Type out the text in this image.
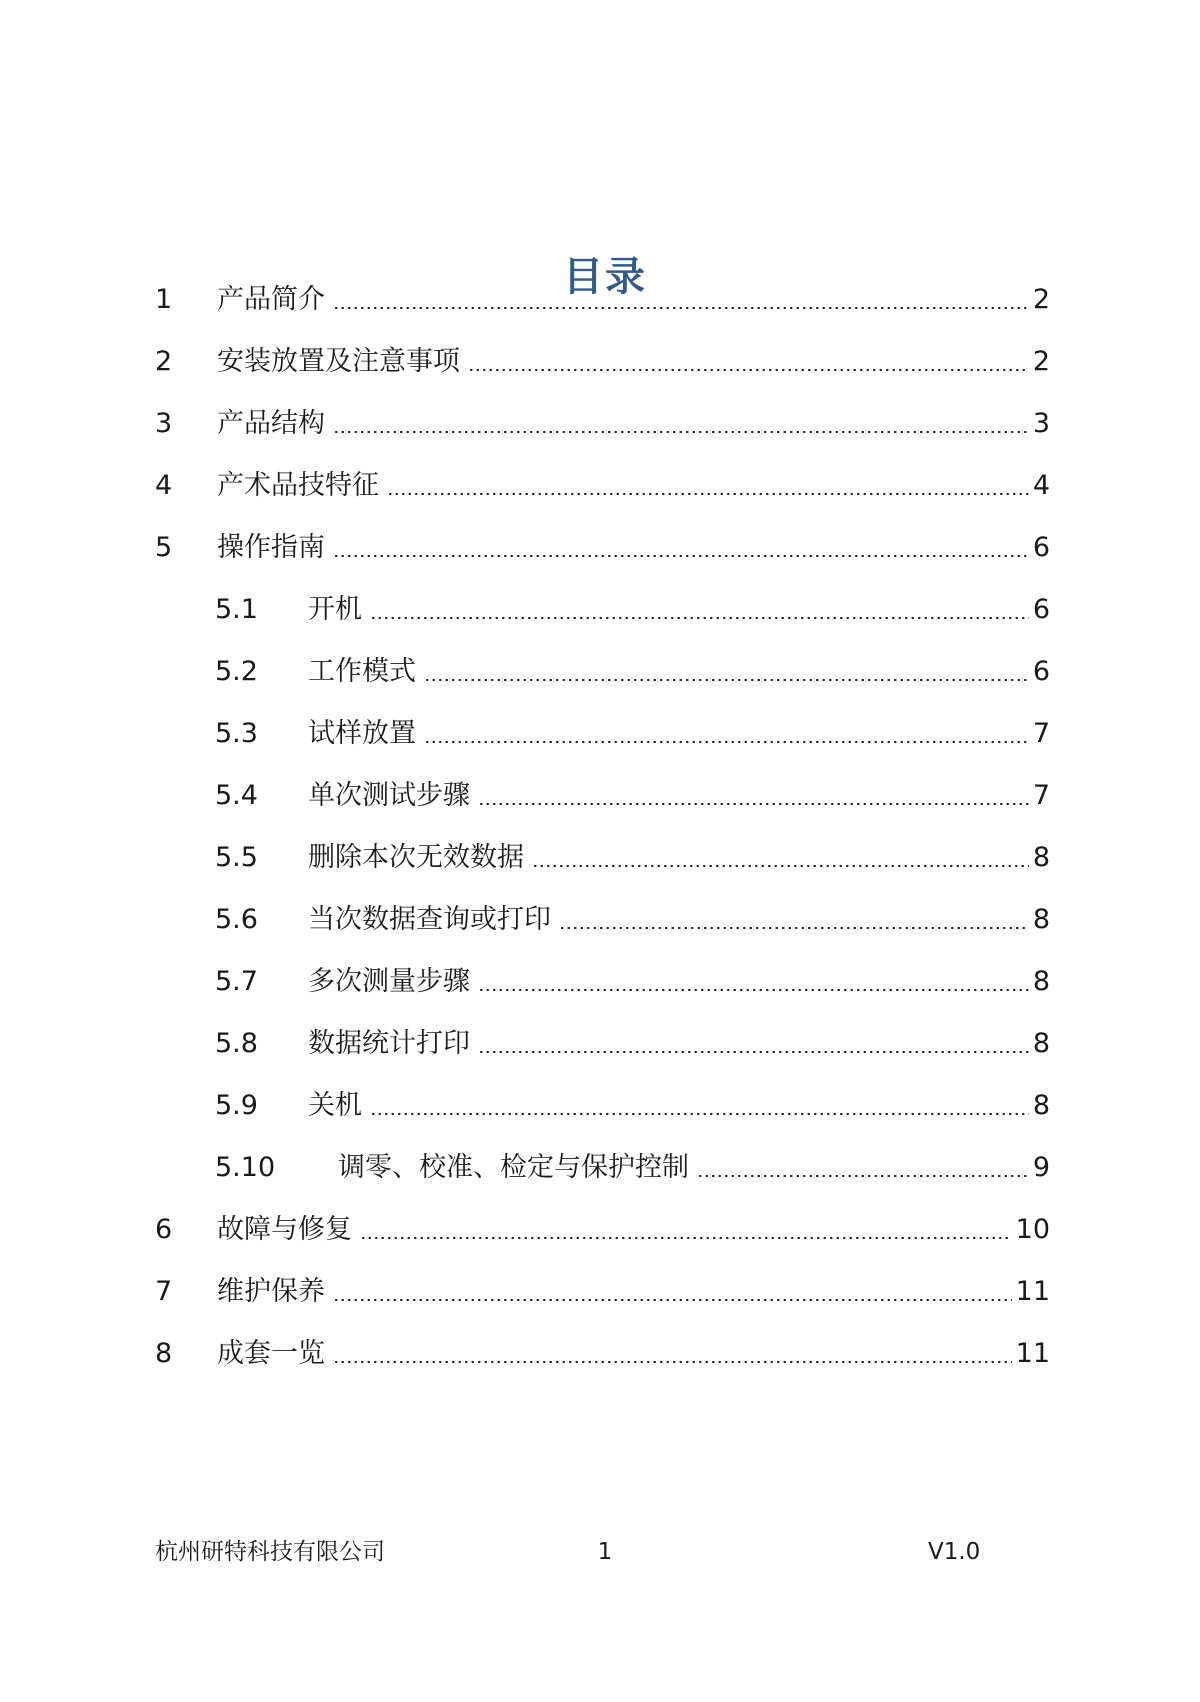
目录
1	产品简介	2
2	安装放置及注意事项	2
3	产品结构	3
4	产术品技特征	4
5	操作指南	6
5.1	开机	6
5.2	工作模式	6
5.3	试样放置	7
5.4	单次测试步骤	7
5.5	删除本次无效数据	8
5.6	当次数据查询或打印	8
5.7	多次测量步骤	8
5.8	数据统计打印	8
5.9	关机	8
5.10	调零、校准、检定与保护控制	9
6	故障与修复	10
7	维护保养	11
8	成套一览	11
杭州研特科技有限公司	1	V1.0
